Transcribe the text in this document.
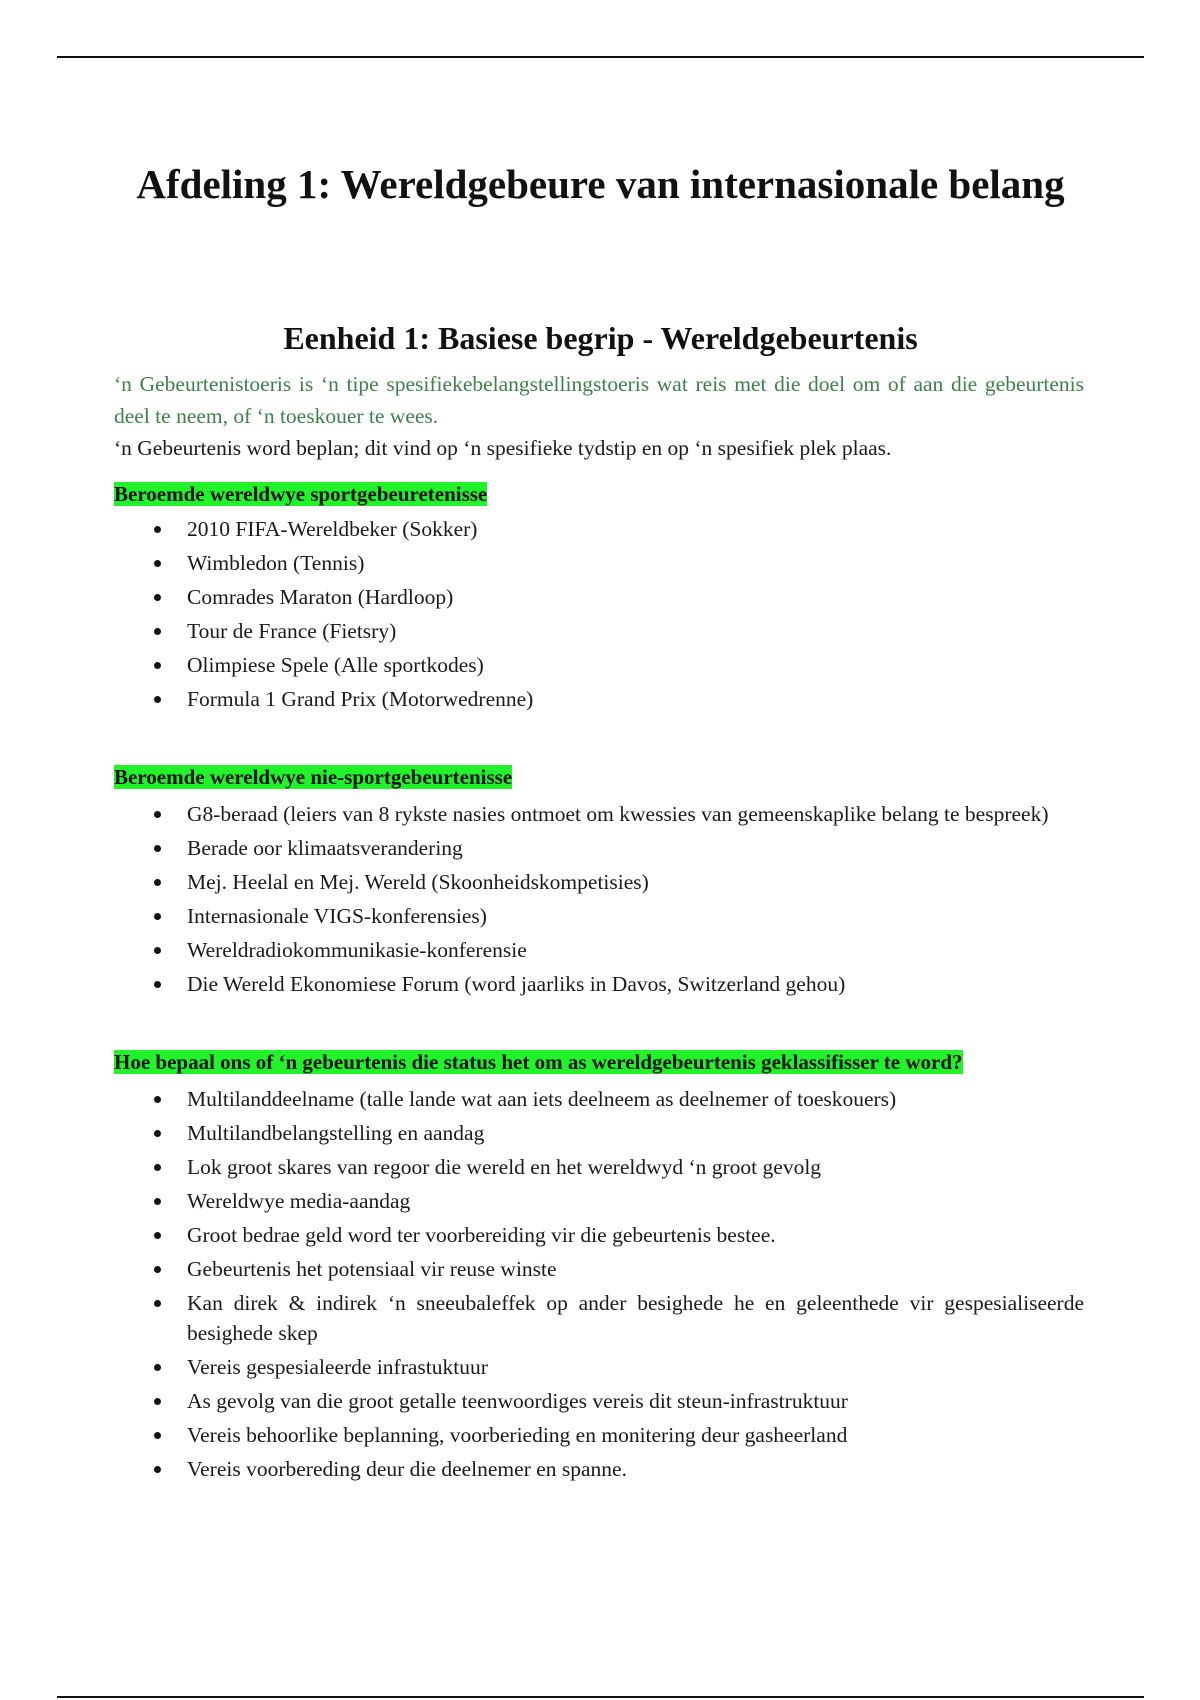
Afdeling 1: Wereldgebeure van internasionale belang
Eenheid 1: Basiese begrip - Wereldgebeurtenis

‘n Gebeurtenistoeris is ‘n tipe spesifiekebelangstellingstoeris wat reis met die doel om of aan die gebeurtenis deel te neem, of ‘n toeskouer te wees.

‘n Gebeurtenis word beplan; dit vind op ‘n spesifieke tydstip en op ‘n spesifiek plek plaas.

Beroemde wereldwye sportgebeuretenisse
2010 FIFA-Wereldbeker (Sokker)
Wimbledon (Tennis)
Comrades Maraton (Hardloop)
Tour de France (Fietsry)
Olimpiese Spele (Alle sportkodes)
Formula 1 Grand Prix (Motorwedrenne)
Beroemde wereldwye nie-sportgebeurtenisse
G8-beraad (leiers van 8 rykste nasies ontmoet om kwessies van gemeenskaplike belang te bespreek)
Berade oor klimaatsverandering
Mej. Heelal en Mej. Wereld (Skoonheidskompetisies)
Internasionale VIGS-konferensies)
Wereldradiokommunikasie-konferensie
Die Wereld Ekonomiese Forum (word jaarliks in Davos, Switzerland gehou)
Hoe bepaal ons of ‘n gebeurtenis die status het om as wereldgebeurtenis geklassifisser te word?
Multilanddeelname (talle lande wat aan iets deelneem as deelnemer of toeskouers)
Multilandbelangstelling en aandag
Lok groot skares van regoor die wereld en het wereldwyd ‘n groot gevolg
Wereldwye media-aandag
Groot bedrae geld word ter voorbereiding vir die gebeurtenis bestee.
Gebeurtenis het potensiaal vir reuse winste
Kan direk & indirek ‘n sneeubaleffek op ander besighede he en geleenthede vir gespesialiseerde besighede skep
Vereis gespesialeerde infrastuktuur
As gevolg van die groot getalle teenwoordiges vereis dit steun-infrastruktuur
Vereis behoorlike beplanning, voorberieding en monitering deur gasheerland
Vereis voorbereding deur die deelnemer en spanne.
